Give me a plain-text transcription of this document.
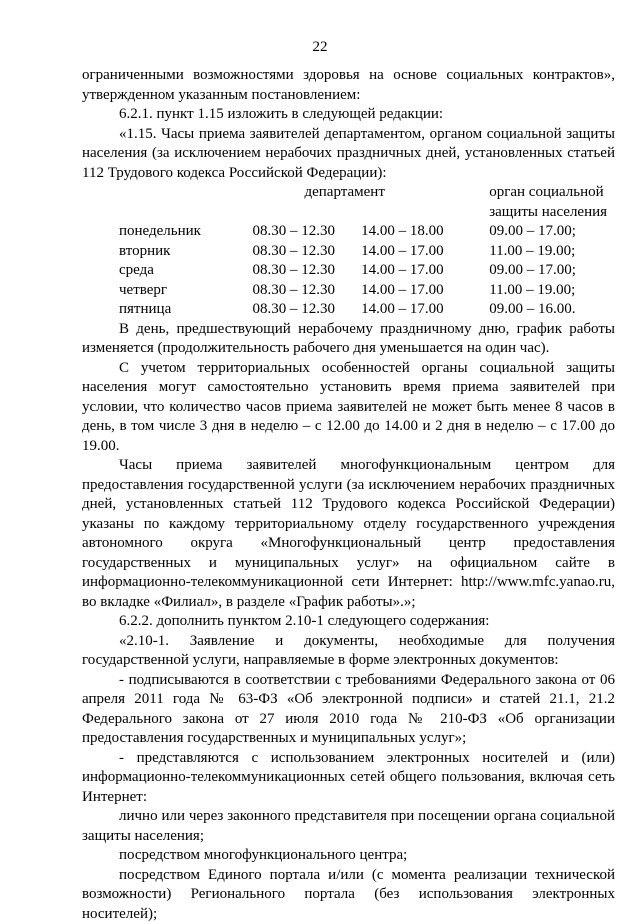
22

ограниченными возможностями здоровья на основе социальных контрактов», утвержденном указанным постановлением:

6.2.1. пункт 1.15 изложить в следующей редакции:

«1.15. Часы приема заявителей департаментом, органом социальной защиты населения (за исключением нерабочих праздничных дней, установленных статьей 112 Трудового кодекса Российской Федерации):

	департамент		орган социальной
			защиты населения
понедельник	08.30 – 12.30	14.00 – 18.00	09.00 – 17.00;
вторник	08.30 – 12.30	14.00 – 17.00	11.00 – 19.00;
среда	08.30 – 12.30	14.00 – 17.00	09.00 – 17.00;
четверг	08.30 – 12.30	14.00 – 17.00	11.00 – 19.00;
пятница	08.30 – 12.30	14.00 – 17.00	09.00 – 16.00.

В день, предшествующий нерабочему праздничному дню, график работы изменяется (продолжительность рабочего дня уменьшается на один час).

С учетом территориальных особенностей органы социальной защиты населения могут самостоятельно установить время приема заявителей при условии, что количество часов приема заявителей не может быть менее 8 часов в день, в том числе 3 дня в неделю – с 12.00 до 14.00 и 2 дня в неделю – с 17.00 до 19.00.

Часы приема заявителей многофункциональным центром для предоставления государственной услуги (за исключением нерабочих праздничных дней, установленных статьей 112 Трудового кодекса Российской Федерации) указаны по каждому территориальному отделу государственного учреждения автономного округа «Многофункциональный центр предоставления государственных и муниципальных услуг» на официальном сайте в информационно-телекоммуникационной сети Интернет: http://www.mfc.yanao.ru, во вкладке «Филиал», в разделе «График работы».»;

6.2.2. дополнить пунктом 2.10-1 следующего содержания:

«2.10-1. Заявление и документы, необходимые для получения государственной услуги, направляемые в форме электронных документов:

- подписываются в соответствии с требованиями Федерального закона от 06 апреля 2011 года № 63-ФЗ «Об электронной подписи» и статей 21.1, 21.2 Федерального закона от 27 июля 2010 года № 210-ФЗ «Об организации предоставления государственных и муниципальных услуг»;

- представляются с использованием электронных носителей и (или) информационно-телекоммуникационных сетей общего пользования, включая сеть Интернет:

лично или через законного представителя при посещении органа социальной защиты населения;

посредством многофункционального центра;

посредством Единого портала и/или (с момента реализации технической возможности) Регионального портала (без использования электронных носителей);
